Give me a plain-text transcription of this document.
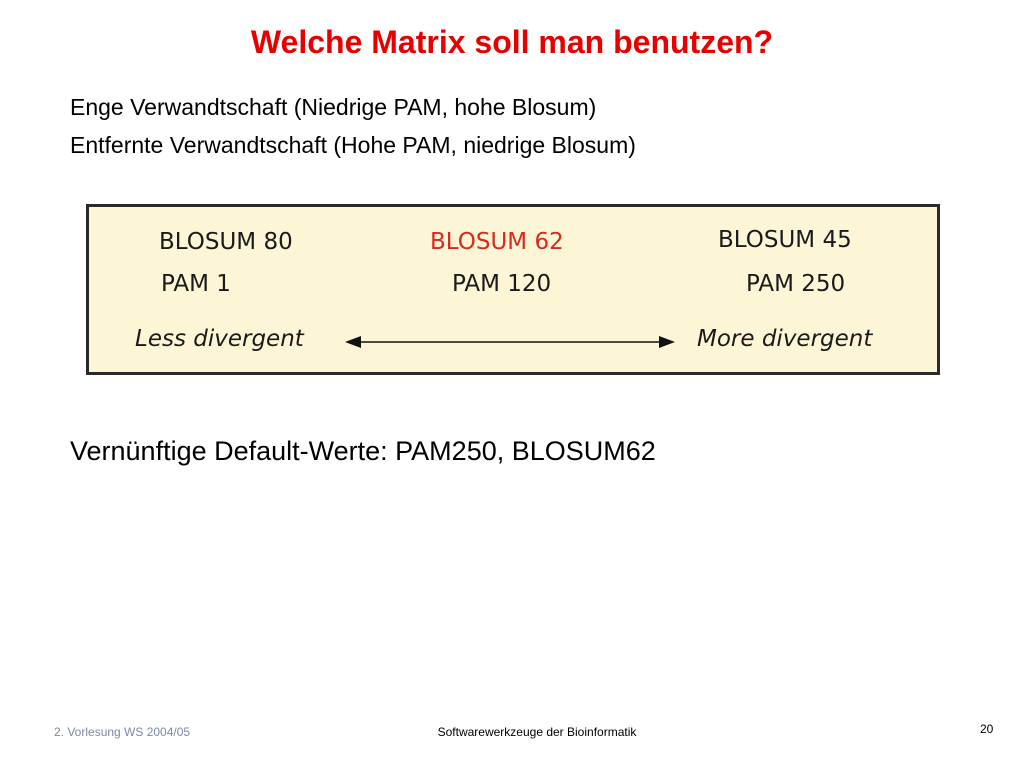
Welche Matrix soll man benutzen?
Enge Verwandtschaft (Niedrige PAM, hohe Blosum)
Entfernte Verwandtschaft (Hohe PAM, niedrige Blosum)
BLOSUM 80	BLOSUM 62	BLOSUM 45
PAM 1	PAM 120	PAM 250
Less divergent	More divergent
Vernünftige Default-Werte: PAM250, BLOSUM62
2. Vorlesung WS 2004/05	Softwarewerkzeuge der Bioinformatik	20
